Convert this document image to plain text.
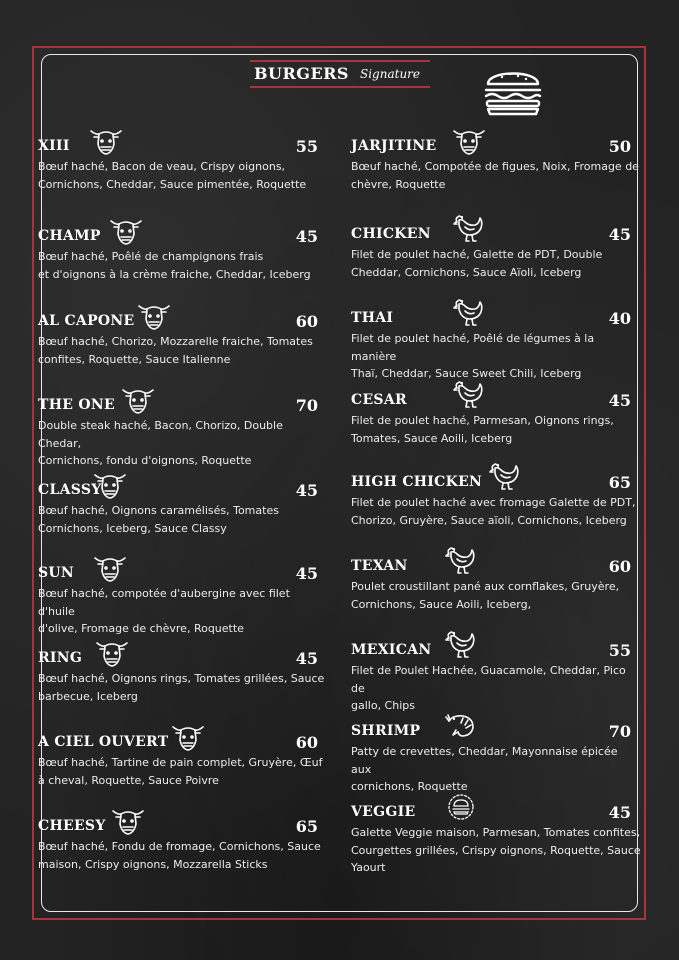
BURGERS Signature
XIII	55
Bœuf haché, Bacon de veau, Crispy oignons,
Cornichons, Cheddar, Sauce pimentée, Roquette
CHAMP	45
Bœuf haché, Poêlé de champignons frais
et d'oignons à la crème fraiche, Cheddar, Iceberg
AL CAPONE	60
Bœuf haché, Chorizo, Mozzarelle fraiche, Tomates
confites, Roquette, Sauce Italienne
THE ONE	70
Double steak haché, Bacon, Chorizo, Double Chedar,
Cornichons, fondu d'oignons, Roquette
CLASSY	45
Bœuf haché, Oignons caramélisés, Tomates
Cornichons, Iceberg, Sauce Classy
SUN	45
Bœuf haché, compotée d'aubergine avec filet d'huile
d'olive, Fromage de chèvre, Roquette
RING	45
Bœuf haché, Oignons rings, Tomates grillées, Sauce
barbecue, Iceberg
A CIEL OUVERT	60
Bœuf haché, Tartine de pain complet, Gruyère, Œuf
à cheval, Roquette, Sauce Poivre
CHEESY	65
Bœuf haché, Fondu de fromage, Cornichons, Sauce
maison, Crispy oignons, Mozzarella Sticks
JARJITINE	50
Bœuf haché, Compotée de figues, Noix, Fromage de
chèvre, Roquette
CHICKEN	45
Filet de poulet haché, Galette de PDT, Double
Cheddar, Cornichons, Sauce Aïoli, Iceberg
THAI	40
Filet de poulet haché, Poêlé de légumes à la manière
Thaï, Cheddar, Sauce Sweet Chili, Iceberg
CESAR	45
Filet de poulet haché, Parmesan, Oignons rings,
Tomates, Sauce Aoili, Iceberg
HIGH CHICKEN	65
Filet de poulet haché avec fromage Galette de PDT,
Chorizo, Gruyère, Sauce aïoli, Cornichons, Iceberg
TEXAN	60
Poulet croustillant pané aux cornflakes, Gruyère,
Cornichons, Sauce Aoili, Iceberg,
MEXICAN	55
Filet de Poulet Hachée, Guacamole, Cheddar, Pico de
gallo, Chips
SHRIMP	70
Patty de crevettes, Cheddar, Mayonnaise épicée aux
cornichons, Roquette
VEGGIE	45
Galette Veggie maison, Parmesan, Tomates confites,
Courgettes grillées, Crispy oignons, Roquette, Sauce
Yaourt
